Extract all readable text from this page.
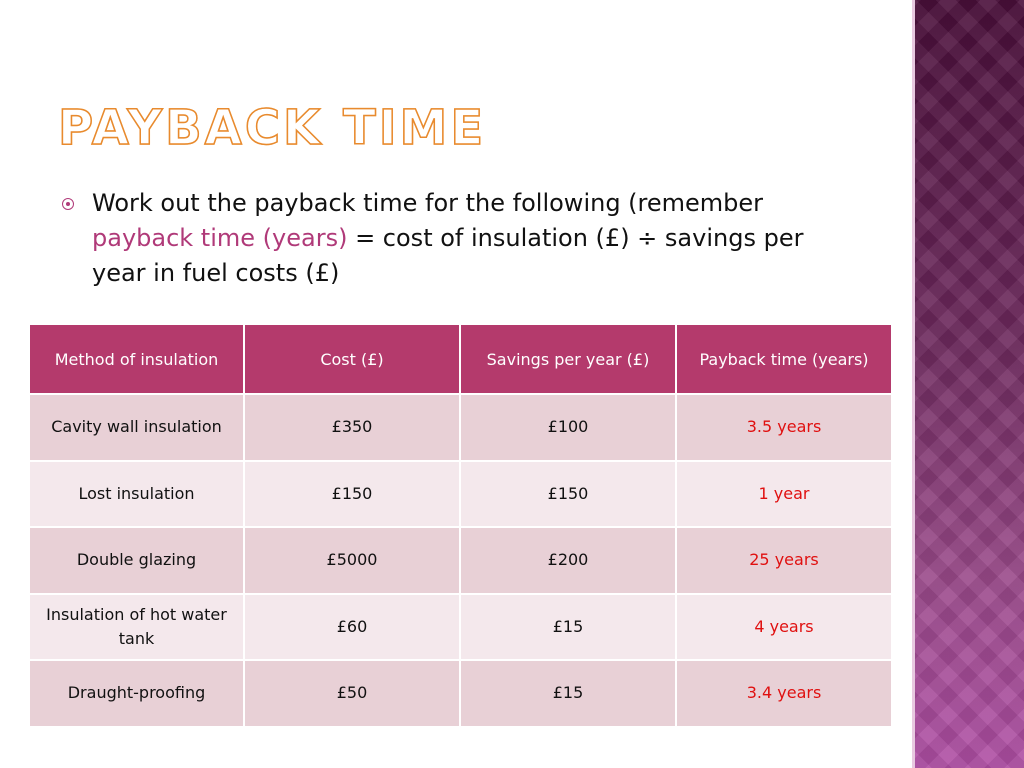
PAYBACK TIME
Work out the payback time for the following (remember payback time (years) = cost of insulation (£) ÷ savings per year in fuel costs (£)
Method of insulation	Cost (£)	Savings per year (£)	Payback time (years)
Cavity wall insulation	£350	£100	3.5 years
Lost insulation	£150	£150	1 year
Double glazing	£5000	£200	25 years
Insulation of hot water tank	£60	£15	4 years
Draught-proofing	£50	£15	3.4 years
